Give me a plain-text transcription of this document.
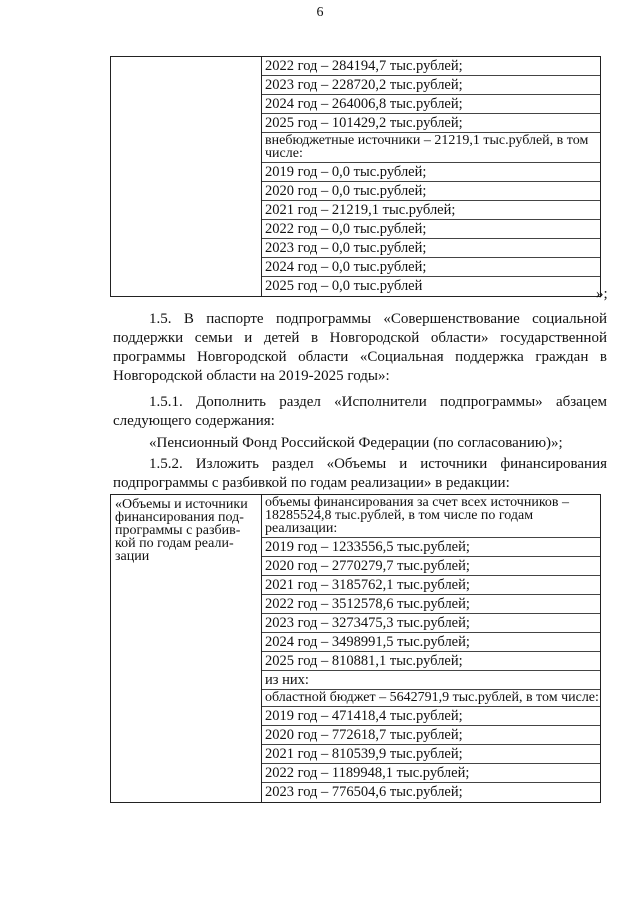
6

2022 год – 284194,7 тыс.рублей;
2023 год – 228720,2 тыс.рублей;
2024 год – 264006,8 тыс.рублей;
2025 год – 101429,2 тыс.рублей;
внебюджетные источники – 21219,1 тыс.рублей, в том числе:
2019 год – 0,0 тыс.рублей;
2020 год – 0,0 тыс.рублей;
2021 год – 21219,1 тыс.рублей;
2022 год – 0,0 тыс.рублей;
2023 год – 0,0 тыс.рублей;
2024 год – 0,0 тыс.рублей;
2025 год – 0,0 тыс.рублей	»;
1.5. В паспорте подпрограммы «Совершенствование социальной поддержки семьи и детей в Новгородской области» государственной программы Новгородской области «Социальная поддержка граждан в Новгородской области на 2019-2025 годы»:
1.5.1. Дополнить раздел «Исполнители подпрограммы» абзацем следующего содержания:
«Пенсионный Фонд Российской Федерации (по согласованию)»;
1.5.2. Изложить раздел «Объемы и источники финансирования подпрограммы с разбивкой по годам реализации» в редакции:
«Объемы и источники финансирования под-программы с разбив-кой по годам реали-зации

объемы финансирования за счет всех источников – 18285524,8 тыс.рублей, в том числе по годам реализации:
2019 год – 1233556,5 тыс.рублей;
2020 год – 2770279,7 тыс.рублей;
2021 год – 3185762,1 тыс.рублей;
2022 год – 3512578,6 тыс.рублей;
2023 год – 3273475,3 тыс.рублей;
2024 год – 3498991,5 тыс.рублей;
2025 год – 810881,1 тыс.рублей;
из них:
областной бюджет – 5642791,9 тыс.рублей, в том числе:
2019 год – 471418,4 тыс.рублей;
2020 год – 772618,7 тыс.рублей;
2021 год – 810539,9 тыс.рублей;
2022 год – 1189948,1 тыс.рублей;
2023 год – 776504,6 тыс.рублей;
